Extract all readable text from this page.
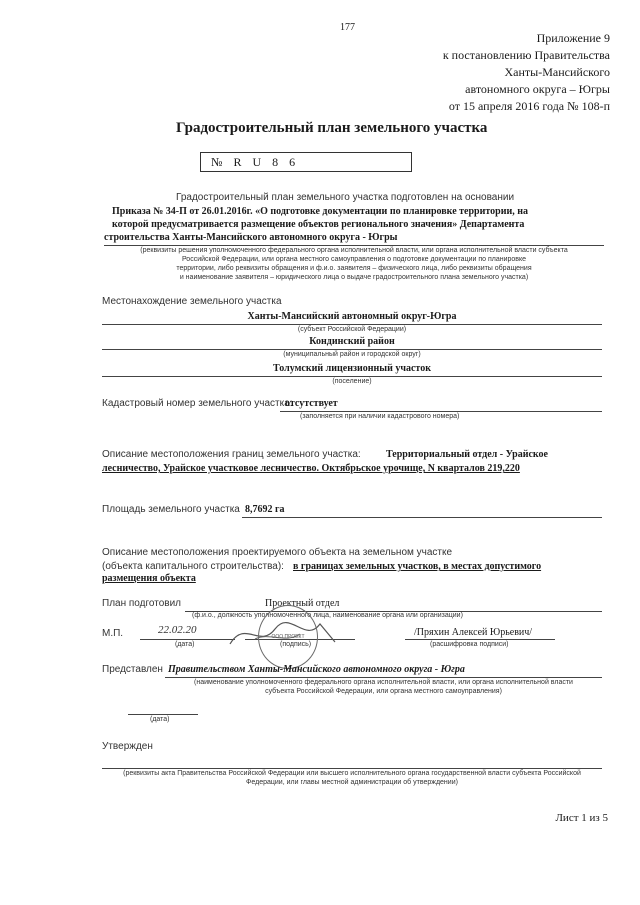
177
Приложение 9
к постановлению Правительства
Ханты-Мансийского
автономного округа – Югры
от 15 апреля 2016 года № 108-п
Градостроительный план земельного участка
№ R U 8 6
Градостроительный план земельного участка подготовлен на основании
Приказа № 34-П от 26.01.2016г. «О подготовке документации по планировке территории, на
которой предусматривается размещение объектов регионального значения» Департамента
строительства Ханты-Мансийского автономного округа - Югры
(реквизиты решения уполномоченного федерального органа исполнительной власти, или органа исполнительной власти субъекта
Российской Федерации, или органа местного самоуправления о подготовке документации по планировке
территории, либо реквизиты обращения и ф.и.о. заявителя – физического лица, либо реквизиты обращения
и наименование заявителя – юридического лица о выдаче градостроительного плана земельного участка)
Местонахождение земельного участка
Ханты-Мансийский автономный округ-Югра
(субъект Российской Федерации)
Кондинский район
(муниципальный район и городской округ)
Толумский лицензионный участок
(поселение)
Кадастровый номер земельного участка:
отсутствует
(заполняется при наличии кадастрового номера)
Описание местоположения границ земельного участка:	Территориальный отдел - Урайское
лесничество, Урайское участковое лесничество. Октябрьское урочище, N кварталов 219,220
Площадь земельного участка 8,7692 га
Описание местоположения проектируемого объекта на земельном участке
(объекта капитального строительства): в границах земельных участков, в местах допустимого
размещения объекта
План подготовил	Проектный отдел
(ф.и.о., должность уполномоченного лица, наименование органа или организации)
М.П.	22.02.20
(дата)	(подпись)
ООО ПРОЕКТ	/Пряхин Алексей Юрьевич/
(расшифровка подписи)
Представлен Правительством Ханты-Мансийского автономного округа - Югра
(наименование уполномоченного федерального органа исполнительной власти, или органа исполнительной власти
субъекта Российской Федерации, или органа местного самоуправления)
(дата)
Утвержден
(реквизиты акта Правительства Российской Федерации или высшего исполнительного органа государственной власти субъекта Российской
Федерации, или главы местной администрации об утверждении)
Лист 1 из 5
